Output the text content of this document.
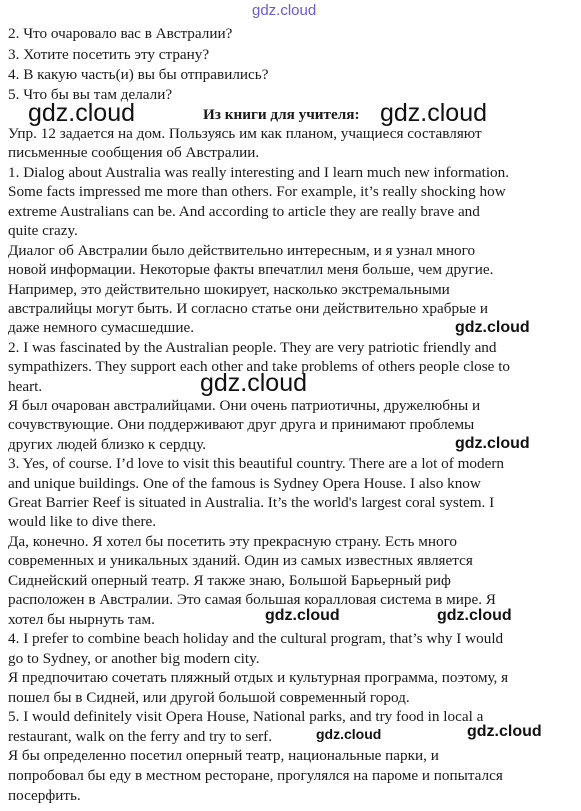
2. Что очаровало вас в Австралии?
3. Хотите посетить эту страну?
4. В какую часть(и) вы бы отправились?
5. Что бы вы там делали?
Из книги для учителя:
Упр. 12 задается на дом. Пользуясь им как планом, учащиеся составляют
письменные сообщения об Австралии.
1. Dialog about Australia was really interesting and I learn much new information.
Some facts impressed me more than others. For example, it’s really shocking how
extreme Australians can be. And according to article they are really brave and
quite crazy.
Диалог об Австралии было действительно интересным, и я узнал много
новой информации. Некоторые факты впечатлил меня больше, чем другие.
Например, это действительно шокирует, насколько экстремальными
австралийцы могут быть. И согласно статье они действительно храбрые и
даже немного сумасшедшие.
2. I was fascinated by the Australian people. They are very patriotic friendly and
sympathizers. They support each other and take problems of others people close to
heart.
Я был очарован австралийцами. Они очень патриотичны, дружелюбны и
сочувствующие. Они поддерживают друг друга и принимают проблемы
других людей близко к сердцу.
3. Yes, of course. I’d love to visit this beautiful country. There are a lot of modern
and unique buildings. One of the famous is Sydney Opera House. I also know
Great Barrier Reef is situated in Australia. It’s the world's largest coral system. I
would like to dive there.
Да, конечно. Я хотел бы посетить эту прекрасную страну. Есть много
современных и уникальных зданий. Один из самых известных является
Сиднейский оперный театр. Я также знаю, Большой Барьерный риф
расположен в Австралии. Это самая большая коралловая система в мире. Я
хотел бы нырнуть там.
4. I prefer to combine beach holiday and the cultural program, that’s why I would
go to Sydney, or another big modern city.
Я предпочитаю сочетать пляжный отдых и культурная программа, поэтому, я
пошел бы в Сидней, или другой большой современный город.
5. I would definitely visit Opera House, National parks, and try food in local a
restaurant, walk on the ferry and try to serf.
Я бы определенно посетил оперный театр, национальные парки, и
попробовал бы еду в местном ресторане, прогулялся на пароме и попытался
посерфить.
gdz.cloud
gdz.cloud	gdz.cloud
gdz.cloud
gdz.cloud
gdz.cloud
gdz.cloud	gdz.cloud
gdz.cloud	gdz.cloud
